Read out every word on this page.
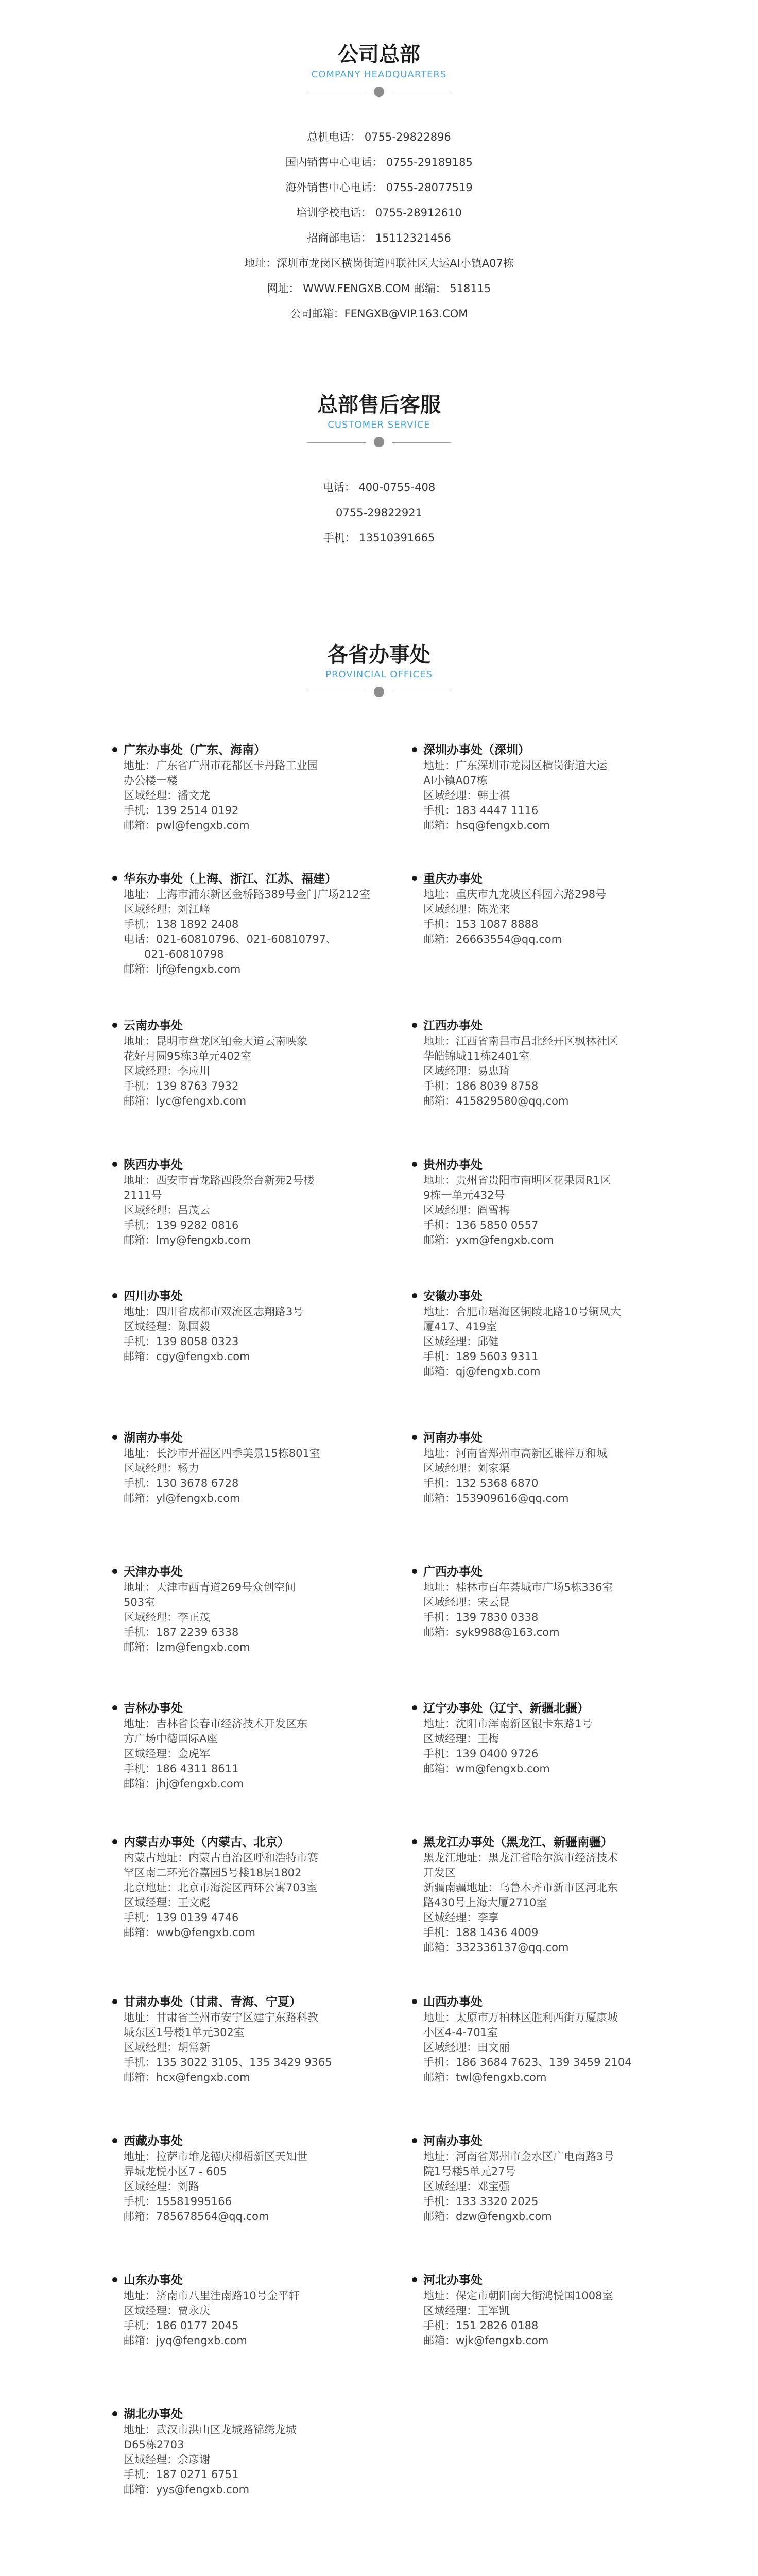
公司总部
COMPANY HEADQUARTERS
总机电话： 0755-29822896
国内销售中心电话： 0755-29189185
海外销售中心电话： 0755-28077519
培训学校电话： 0755-28912610
招商部电话： 15112321456
地址：深圳市龙岗区横岗街道四联社区大运AI小镇A07栋
网址： WWW.FENGXB.COM 邮编： 518115
公司邮箱：FENGXB@VIP.163.COM
总部售后客服
CUSTOMER SERVICE
电话： 400-0755-408
0755-29822921
手机： 13510391665
各省办事处
PROVINCIAL OFFICES
广东办事处（广东、海南）
地址：广东省广州市花都区卡丹路工业园
办公楼一楼
区域经理：潘文龙
手机：139 2514 0192
邮箱：pwl@fengxb.com
深圳办事处（深圳）
地址：广东深圳市龙岗区横岗街道大运
AI小镇A07栋
区域经理：韩士祺
手机：183 4447 1116
邮箱：hsq@fengxb.com
华东办事处（上海、浙江、江苏、福建）
地址：上海市浦东新区金桥路389号金门广场212室
区域经理：刘江峰
手机：138 1892 2408
电话：021-60810796、021-60810797、
021-60810798
邮箱：ljf@fengxb.com
重庆办事处
地址：重庆市九龙坡区科园六路298号
区域经理：陈光来
手机：153 1087 8888
邮箱：26663554@qq.com
云南办事处
地址：昆明市盘龙区铂金大道云南映象
花好月圆95栋3单元402室
区域经理：李应川
手机：139 8763 7932
邮箱：lyc@fengxb.com
江西办事处
地址：江西省南昌市昌北经开区枫林社区
华皓锦城11栋2401室
区域经理：易忠琦
手机：186 8039 8758
邮箱：415829580@qq.com
陕西办事处
地址：西安市青龙路西段祭台新苑2号楼
2111号
区域经理：吕茂云
手机：139 9282 0816
邮箱：lmy@fengxb.com
贵州办事处
地址：贵州省贵阳市南明区花果园R1区
9栋一单元432号
区域经理：阎雪梅
手机：136 5850 0557
邮箱：yxm@fengxb.com
四川办事处
地址：四川省成都市双流区志翔路3号
区域经理：陈国毅
手机：139 8058 0323
邮箱：cgy@fengxb.com
安徽办事处
地址：合肥市瑶海区铜陵北路10号铜凤大
厦417、419室
区域经理：邱健
手机：189 5603 9311
邮箱：qj@fengxb.com
湖南办事处
地址：长沙市开福区四季美景15栋801室
区域经理：杨力
手机：130 3678 6728
邮箱：yl@fengxb.com
河南办事处
地址：河南省郑州市高新区谦祥万和城
区域经理：刘家渠
手机：132 5368 6870
邮箱：153909616@qq.com
天津办事处
地址：天津市西青道269号众创空间
503室
区域经理：李正茂
手机：187 2239 6338
邮箱：lzm@fengxb.com
广西办事处
地址：桂林市百年荟城市广场5栋336室
区域经理：宋云昆
手机：139 7830 0338
邮箱：syk9988@163.com
吉林办事处
地址：吉林省长春市经济技术开发区东
方广场中德国际A座
区域经理：金虎军
手机：186 4311 8611
邮箱：jhj@fengxb.com
辽宁办事处（辽宁、新疆北疆）
地址：沈阳市浑南新区银卡东路1号
区域经理：王梅
手机：139 0400 9726
邮箱：wm@fengxb.com
内蒙古办事处（内蒙古、北京）
内蒙古地址：内蒙古自治区呼和浩特市赛
罕区南二环光谷嘉园5号楼18层1802
北京地址：北京市海淀区西环公寓703室
区域经理：王文彪
手机：139 0139 4746
邮箱：wwb@fengxb.com
黑龙江办事处（黑龙江、新疆南疆）
黑龙江地址：黑龙江省哈尔滨市经济技术
开发区
新疆南疆地址：乌鲁木齐市新市区河北东
路430号上海大厦2710室
区域经理：李享
手机：188 1436 4009
邮箱：332336137@qq.com
甘肃办事处（甘肃、青海、宁夏）
地址：甘肃省兰州市安宁区建宁东路科教
城东区1号楼1单元302室
区域经理：胡常新
手机：135 3022 3105、135 3429 9365
邮箱：hcx@fengxb.com
山西办事处
地址：太原市万柏林区胜利西街万厦康城
小区4-4-701室
区域经理：田文丽
手机：186 3684 7623、139 3459 2104
邮箱：twl@fengxb.com
西藏办事处
地址：拉萨市堆龙德庆柳梧新区天知世
界城龙悦小区7 - 605
区域经理：刘路
手机：15581995166
邮箱：785678564@qq.com
河南办事处
地址：河南省郑州市金水区广电南路3号
院1号楼5单元27号
区域经理：邓宝强
手机：133 3320 2025
邮箱：dzw@fengxb.com
山东办事处
地址：济南市八里洼南路10号金平轩
区域经理：贾永庆
手机：186 0177 2045
邮箱：jyq@fengxb.com
河北办事处
地址：保定市朝阳南大街鸿悦国1008室
区域经理：王军凯
手机：151 2826 0188
邮箱：wjk@fengxb.com
湖北办事处
地址：武汉市洪山区龙城路锦绣龙城
D65栋2703
区域经理：余彦谢
手机：187 0271 6751
邮箱：yys@fengxb.com
